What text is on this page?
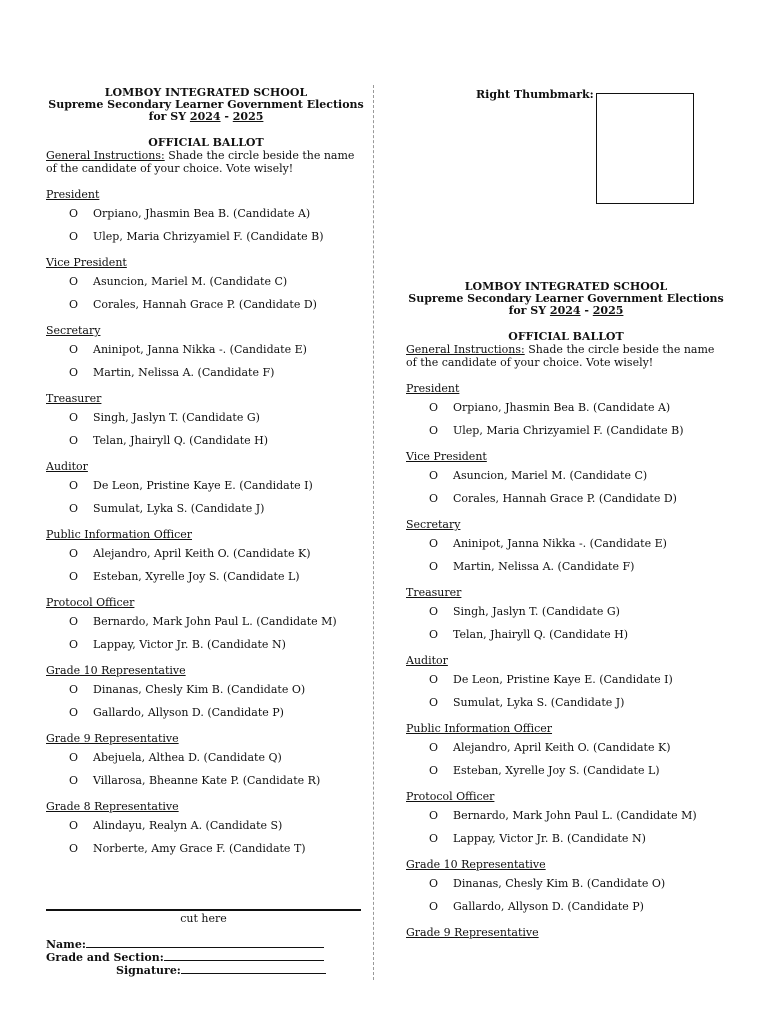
LOMBOY INTEGRATED SCHOOL
Supreme Secondary Learner Government Elections
for SY 2024 - 2025
OFFICIAL BALLOT
General Instructions: Shade the circle beside the name of the candidate of your choice. Vote wisely!
President
O Orpiano, Jhasmin Bea B. (Candidate A)
O Ulep, Maria Chrizyamiel F. (Candidate B)
Vice President
O Asuncion, Mariel M. (Candidate C)
O Corales, Hannah Grace P. (Candidate D)
Secretary
O Aninipot, Janna Nikka -. (Candidate E)
O Martin, Nelissa A. (Candidate F)
Treasurer
O Singh, Jaslyn T. (Candidate G)
O Telan, Jhairyll Q. (Candidate H)
Auditor
O De Leon, Pristine Kaye E. (Candidate I)
O Sumulat, Lyka S. (Candidate J)
Public Information Officer
O Alejandro, April Keith O. (Candidate K)
O Esteban, Xyrelle Joy S. (Candidate L)
Protocol Officer
O Bernardo, Mark John Paul L. (Candidate M)
O Lappay, Victor Jr. B. (Candidate N)
Grade 10 Representative
O Dinanas, Chesly Kim B. (Candidate O)
O Gallardo, Allyson D. (Candidate P)
Grade 9 Representative
O Abejuela, Althea D. (Candidate Q)
O Villarosa, Bheanne Kate P. (Candidate R)
Grade 8 Representative
O Alindayu, Realyn A. (Candidate S)
O Norberte, Amy Grace F. (Candidate T)
cut here
Name:
Grade and Section:
Signature:
Right Thumbmark:
LOMBOY INTEGRATED SCHOOL
Supreme Secondary Learner Government Elections
for SY 2024 - 2025
OFFICIAL BALLOT
General Instructions: Shade the circle beside the name of the candidate of your choice. Vote wisely!
President
O Orpiano, Jhasmin Bea B. (Candidate A)
O Ulep, Maria Chrizyamiel F. (Candidate B)
Vice President
O Asuncion, Mariel M. (Candidate C)
O Corales, Hannah Grace P. (Candidate D)
Secretary
O Aninipot, Janna Nikka -. (Candidate E)
O Martin, Nelissa A. (Candidate F)
Treasurer
O Singh, Jaslyn T. (Candidate G)
O Telan, Jhairyll Q. (Candidate H)
Auditor
O De Leon, Pristine Kaye E. (Candidate I)
O Sumulat, Lyka S. (Candidate J)
Public Information Officer
O Alejandro, April Keith O. (Candidate K)
O Esteban, Xyrelle Joy S. (Candidate L)
Protocol Officer
O Bernardo, Mark John Paul L. (Candidate M)
O Lappay, Victor Jr. B. (Candidate N)
Grade 10 Representative
O Dinanas, Chesly Kim B. (Candidate O)
O Gallardo, Allyson D. (Candidate P)
Grade 9 Representative
